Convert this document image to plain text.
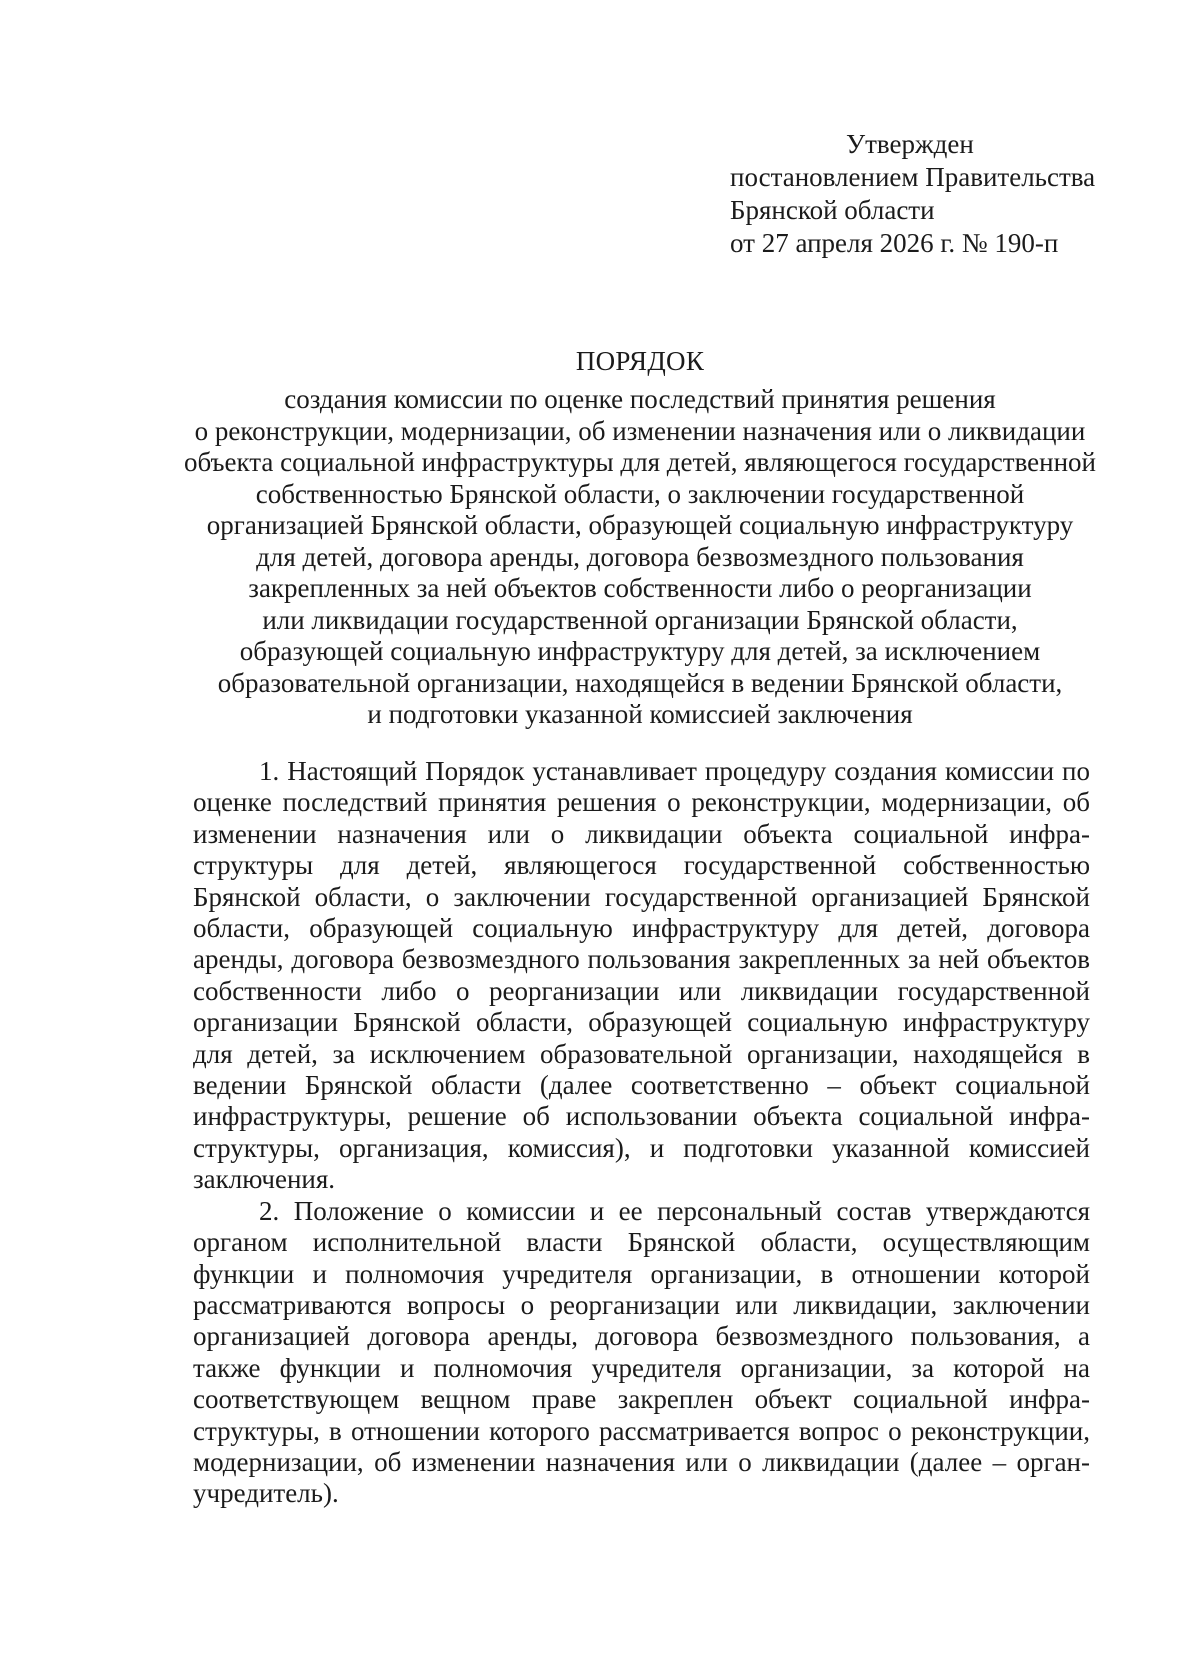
Утвержден
постановлением Правительства
Брянской области
от 27 апреля 2026 г. № 190-п
ПОРЯДОК
создания комиссии по оценке последствий принятия решения
о реконструкции, модернизации, об изменении назначения или о ликвидации
объекта социальной инфраструктуры для детей, являющегося государственной
собственностью Брянской области, о заключении государственной
организацией Брянской области, образующей социальную инфраструктуру
для детей, договора аренды, договора безвозмездного пользования
закрепленных за ней объектов собственности либо о реорганизации
или ликвидации государственной организации Брянской области,
образующей социальную инфраструктуру для детей, за исключением
образовательной организации, находящейся в ведении Брянской области,
и подготовки указанной комиссией заключения

1. Настоящий Порядок устанавливает процедуру создания комиссии по оценке последствий принятия решения о реконструкции, модернизации, об изменении назначения или о ликвидации объекта социальной инфра-структуры для детей, являющегося государственной собственностью Брянской области, о заключении государственной организацией Брянской области, образующей социальную инфраструктуру для детей, договора аренды, договора безвозмездного пользования закрепленных за ней объектов собственности либо о реорганизации или ликвидации государственной организации Брянской области, образующей социальную инфраструктуру для детей, за исключением образовательной организации, находящейся в ведении Брянской области (далее соответственно – объект социальной инфраструктуры, решение об использовании объекта социальной инфра-структуры, организация, комиссия), и подготовки указанной комиссией заключения.

2. Положение о комиссии и ее персональный состав утверждаются органом исполнительной власти Брянской области, осуществляющим функции и полномочия учредителя организации, в отношении которой рассматриваются вопросы о реорганизации или ликвидации, заключении организацией договора аренды, договора безвозмездного пользования, а также функции и полномочия учредителя организации, за которой на соответствующем вещном праве закреплен объект социальной инфра-структуры, в отношении которого рассматривается вопрос о реконструкции, модернизации, об изменении назначения или о ликвидации (далее – орган-учредитель).
